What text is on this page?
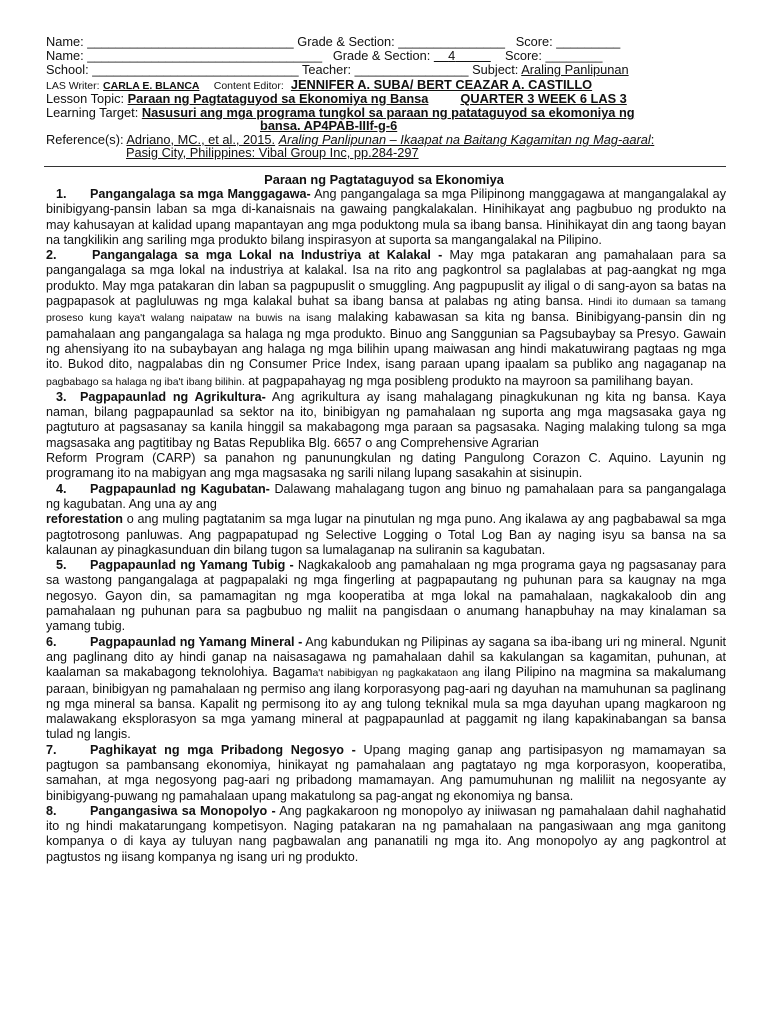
Name: _____________________________ Grade & Section: _______________ Score: _________
Name: _________________________________ Grade & Section: 4	Score: ________
School: _____________________________ Teacher: ________________ Subject: Araling Panlipunan
LAS Writer: CARLA E. BLANCA Content Editor: JENNIFER A. SUBA/ BERT CEAZAR A. CASTILLO
Lesson Topic: Paraan ng Pagtataguyod sa Ekonomiya ng Bansa	QUARTER 3 WEEK 6 LAS 3
Learning Target: Nasusuri ang mga programa tungkol sa paraan ng patataguyod sa ekomoniya ng
bansa. AP4PAB-IIIf-g-6
Reference(s): Adriano, MC., et al., 2015. Araling Panlipunan – Ikaapat na Baitang Kagamitan ng Mag-aaral:
Pasig City, Philippines: Vibal Group Inc, pp.284-297
Paraan ng Pagtataguyod sa Ekonomiya

1. Pangangalaga sa mga Manggagawa- Ang pangangalaga sa mga Pilipinong manggagawa at mangangalakal ay binibigyang-pansin laban sa mga di-kanaisnais na gawaing pangkalakalan. Hinihikayat ang pagbubuo ng produkto na may kahusayan at kalidad upang mapantayan ang mga poduktong mula sa ibang bansa. Hinihikayat din ang taong bayan na tangkilikin ang sariling mga produkto bilang inspirasyon at suporta sa mangangalakal na Pilipino.

2.	Pangangalaga sa mga Lokal na Industriya at Kalakal - May mga patakaran ang pamahalaan para sa pangangalaga sa mga lokal na industriya at kalakal. Isa na rito ang pagkontrol sa paglalabas at pag-aangkat ng mga produkto. May mga patakaran din laban sa pagpupuslit o smuggling. Ang pagpupuslit ay iligal o di sang-ayon sa batas na pagpapasok at pagluluwas ng mga kalakal buhat sa ibang bansa at palabas ng ating bansa. Hindi ito dumaan sa tamang proseso kung kaya't walang naipataw na buwis na isang malaking kabawasan sa kita ng bansa. Binibigyang-pansin din ng pamahalaan ang pangangalaga sa halaga ng mga produkto. Binuo ang Sanggunian sa Pagsubaybay sa Presyo. Gawain ng ahensiyang ito na subaybayan ang halaga ng mga bilihin upang maiwasan ang hindi makatuwirang pagtaas ng mga ito. Bukod dito, nagpalabas din ng Consumer Price Index, isang paraan upang ipaalam sa publiko ang nagaganap na pagbabago sa halaga ng iba't ibang bilihin. at pagpapahayag ng mga posibleng produkto na mayroon sa pamilihang bayan.

3. Pagpapaunlad ng Agrikultura- Ang agrikultura ay isang mahalagang pinagkukunan ng kita ng bansa. Kaya naman, bilang pagpapaunlad sa sektor na ito, binibigyan ng pamahalaan ng suporta ang mga magsasaka gaya ng pagtuturo at pagsasanay sa kanila hinggil sa makabagong mga paraan sa pagsasaka. Naging malaking tulong sa mga magsasaka ang pagtitibay ng Batas Republika Blg. 6657 o ang Comprehensive Agrarian

Reform Program (CARP) sa panahon ng panunungkulan ng dating Pangulong Corazon C. Aquino. Layunin ng programang ito na mabigyan ang mga magsasaka ng sarili nilang lupang sasakahin at sisinupin.

4. Pagpapaunlad ng Kagubatan- Dalawang mahalagang tugon ang binuo ng pamahalaan para sa pangangalaga ng kagubatan. Ang una ay ang

reforestation o ang muling pagtatanim sa mga lugar na pinutulan ng mga puno. Ang ikalawa ay ang pagbabawal sa mga pagtotrosong panluwas. Ang pagpapatupad ng Selective Logging o Total Log Ban ay naging isyu sa bansa na sa kalaunan ay pinagkasunduan din bilang tugon sa lumalaganap na suliranin sa kagubatan.

5. Pagpapaunlad ng Yamang Tubig - Nagkakaloob ang pamahalaan ng mga programa gaya ng pagsasanay para sa wastong pangangalaga at pagpapalaki ng mga fingerling at pagpapautang ng puhunan para sa kaugnay na mga negosyo. Gayon din, sa pamamagitan ng mga kooperatiba at mga lokal na pamahalaan, nagkakaloob din ang pamahalaan ng puhunan para sa pagbubuo ng maliit na pangisdaan o anumang hanapbuhay na may kinalaman sa yamang tubig.

6.	Pagpapaunlad ng Yamang Mineral - Ang kabundukan ng Pilipinas ay sagana sa iba-ibang uri ng mineral. Ngunit ang paglinang dito ay hindi ganap na naisasagawa ng pamahalaan dahil sa kakulangan sa kagamitan, puhunan, at kaalaman sa makabagong teknolohiya. Bagama't nabibigyan ng pagkakataon ang ilang Pilipino na magmina sa makalumang paraan, binibigyan ng pamahalaan ng permiso ang ilang korporasyong pag-aari ng dayuhan na mamuhunan sa paglinang ng mga mineral sa bansa. Kapalit ng permisong ito ay ang tulong teknikal mula sa mga dayuhan upang magkaroon ng malawakang eksplorasyon sa mga yamang mineral at pagpapaunlad at paggamit ng ilang kapakinabangan sa bansa tulad ng langis.

7.	Paghikayat ng mga Pribadong Negosyo - Upang maging ganap ang partisipasyon ng mamamayan sa pagtugon sa pambansang ekonomiya, hinikayat ng pamahalaan ang pagtatayo ng mga korporasyon, kooperatiba, samahan, at mga negosyong pag-aari ng pribadong mamamayan. Ang pamumuhunan ng maliliit na negosyante ay binibigyang-puwang ng pamahalaan upang makatulong sa pag-angat ng ekonomiya ng bansa.

8.	Pangangasiwa sa Monopolyo - Ang pagkakaroon ng monopolyo ay iniiwasan ng pamahalaan dahil naghahatid ito ng hindi makatarungang kompetisyon. Naging patakaran na ng pamahalaan na pangasiwaan ang mga ganitong kompanya o di kaya ay tuluyan nang pagbawalan ang pananatili ng mga ito. Ang monopolyo ay ang pagkontrol at pagtustos ng iisang kompanya ng isang uri ng produkto.
